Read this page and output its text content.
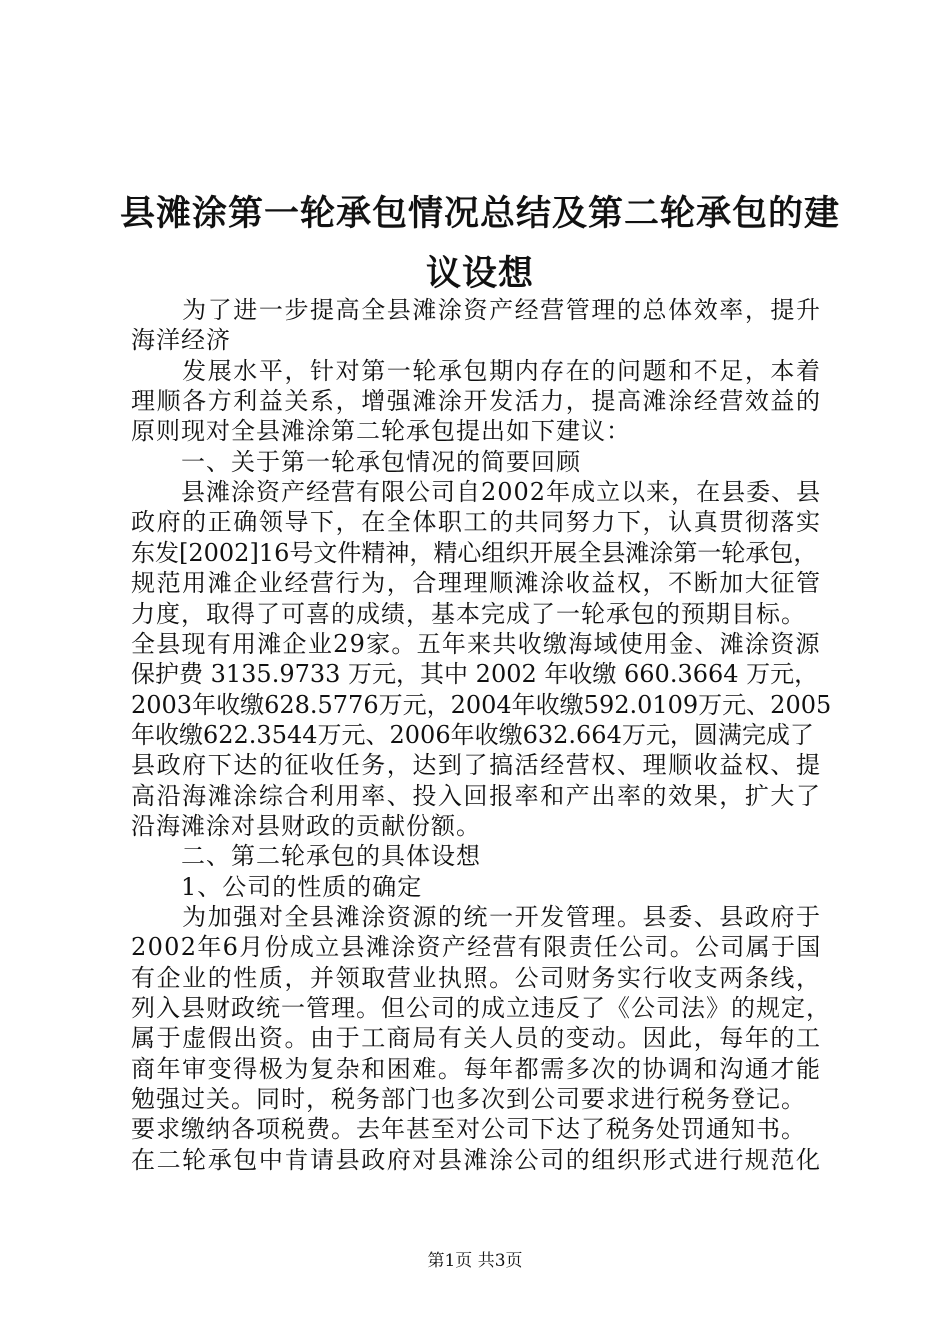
县滩涂第一轮承包情况总结及第二轮承包的建
议设想
　　为了进一步提高全县滩涂资产经营管理的总体效率，提升
海洋经济
　　发展水平，针对第一轮承包期内存在的问题和不足，本着
理顺各方利益关系，增强滩涂开发活力，提高滩涂经营效益的
原则现对全县滩涂第二轮承包提出如下建议：
　　一、关于第一轮承包情况的简要回顾
　　县滩涂资产经营有限公司自2002年成立以来，在县委、县
政府的正确领导下，在全体职工的共同努力下，认真贯彻落实
东发[2002]16号文件精神，精心组织开展全县滩涂第一轮承包，
规范用滩企业经营行为，合理理顺滩涂收益权，不断加大征管
力度，取得了可喜的成绩，基本完成了一轮承包的预期目标。
全县现有用滩企业29家。五年来共收缴海域使用金、滩涂资源
保护费 3135.9733 万元，其中 2002 年收缴 660.3664 万元，
2003年收缴628.5776万元，2004年收缴592.0109万元、2005
年收缴622.3544万元、2006年收缴632.664万元，圆满完成了
县政府下达的征收任务，达到了搞活经营权、理顺收益权、提
高沿海滩涂综合利用率、投入回报率和产出率的效果，扩大了
沿海滩涂对县财政的贡献份额。
　　二、第二轮承包的具体设想
　　1、公司的性质的确定
　　为加强对全县滩涂资源的统一开发管理。县委、县政府于
2002年6月份成立县滩涂资产经营有限责任公司。公司属于国
有企业的性质，并领取营业执照。公司财务实行收支两条线，
列入县财政统一管理。但公司的成立违反了《公司法》的规定，
属于虚假出资。由于工商局有关人员的变动。因此，每年的工
商年审变得极为复杂和困难。每年都需多次的协调和沟通才能
勉强过关。同时，税务部门也多次到公司要求进行税务登记。
要求缴纳各项税费。去年甚至对公司下达了税务处罚通知书。
在二轮承包中肯请县政府对县滩涂公司的组织形式进行规范化
第1页 共3页
